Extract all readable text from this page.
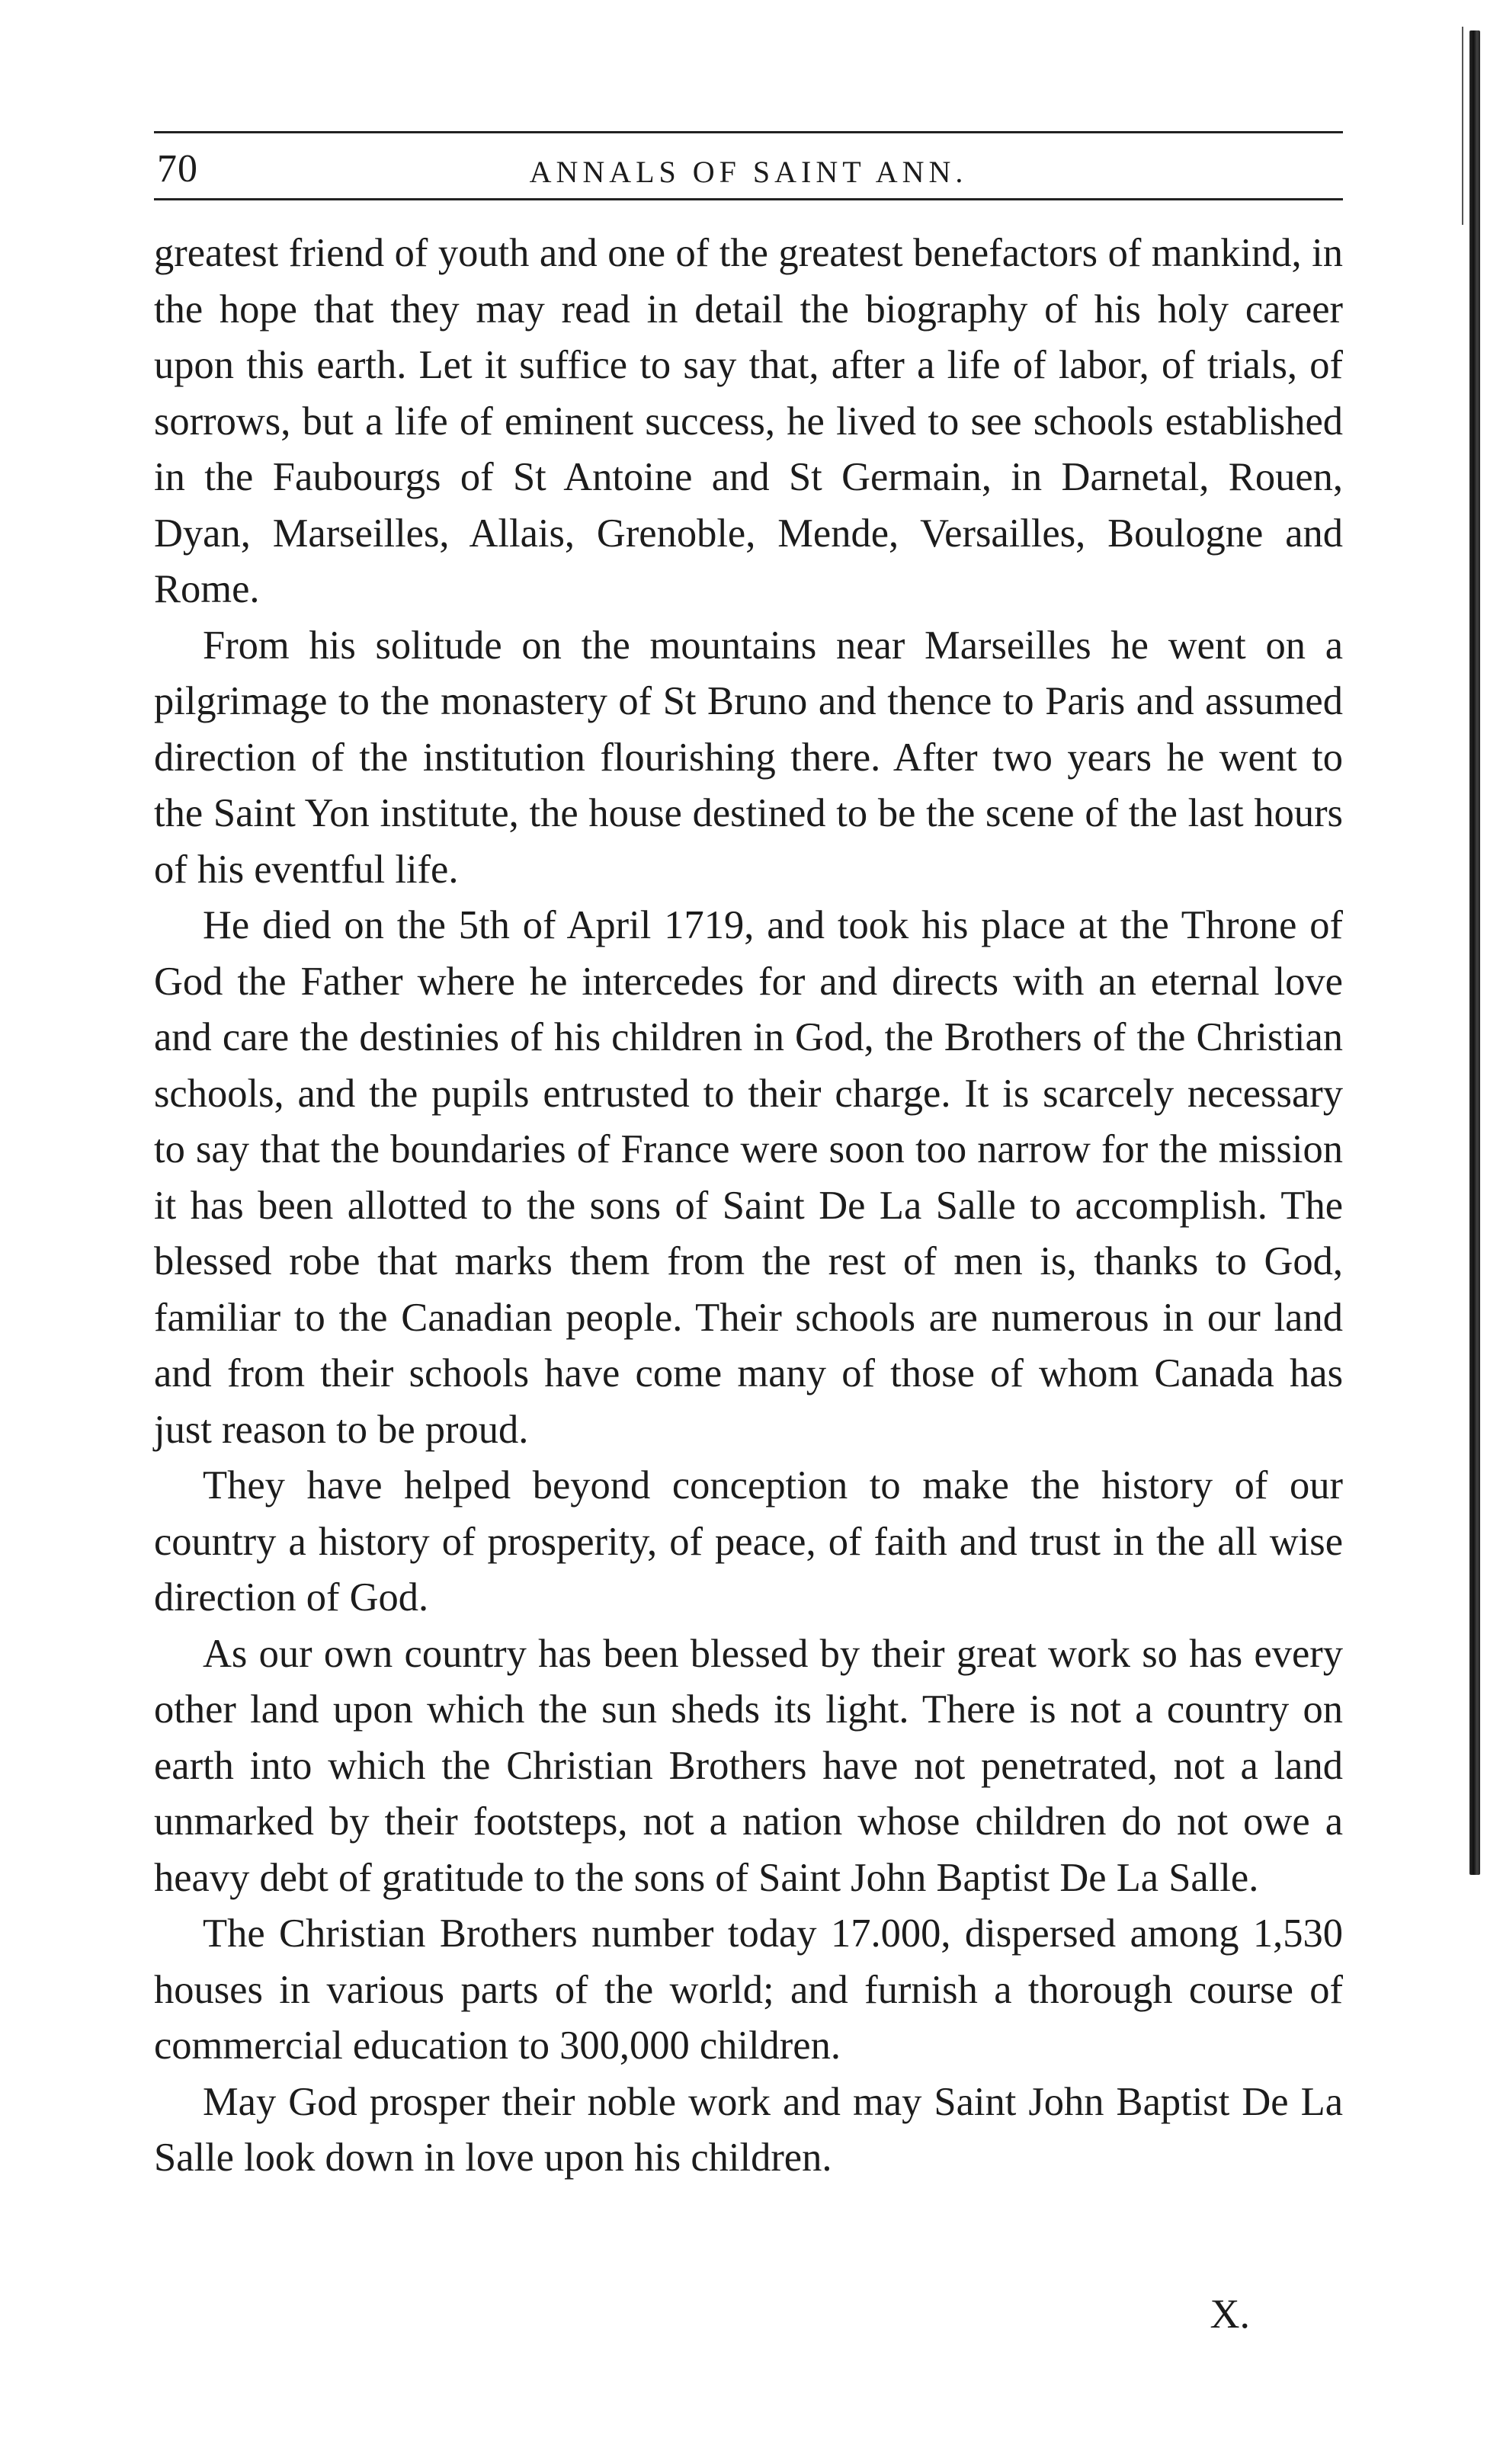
70	ANNALS OF SAINT ANN.

greatest friend of youth and one of the greatest benefactors of mankind, in the hope that they may read in detail the biography of his holy career upon this earth. Let it suffice to say that, after a life of labor, of trials, of sorrows, but a life of eminent success, he lived to see schools established in the Faubourgs of St Antoine and St Germain, in Darnetal, Rouen, Dyan, Marseilles, Allais, Grenoble, Mende, Versailles, Boulogne and Rome.

From his solitude on the mountains near Marseilles he went on a pilgrimage to the monastery of St Bruno and thence to Paris and assumed direction of the institution flourishing there. After two years he went to the Saint Yon institute, the house destined to be the scene of the last hours of his eventful life.

He died on the 5th of April 1719, and took his place at the Throne of God the Father where he intercedes for and directs with an eternal love and care the destinies of his children in God, the Brothers of the Christian schools, and the pupils entrusted to their charge. It is scarcely necessary to say that the boundaries of France were soon too narrow for the mission it has been allotted to the sons of Saint De La Salle to accomplish. The blessed robe that marks them from the rest of men is, thanks to God, familiar to the Canadian people. Their schools are numerous in our land and from their schools have come many of those of whom Canada has just reason to be proud.

They have helped beyond conception to make the history of our country a history of prosperity, of peace, of faith and trust in the all wise direction of God.

As our own country has been blessed by their great work so has every other land upon which the sun sheds its light. There is not a country on earth into which the Christian Brothers have not penetrated, not a land unmarked by their footsteps, not a nation whose children do not owe a heavy debt of gratitude to the sons of Saint John Baptist De La Salle.

The Christian Brothers number today 17.000, dispersed among 1,530 houses in various parts of the world; and furnish a thorough course of commercial education to 300,000 children.

May God prosper their noble work and may Saint John Baptist De La Salle look down in love upon his children.

X.
